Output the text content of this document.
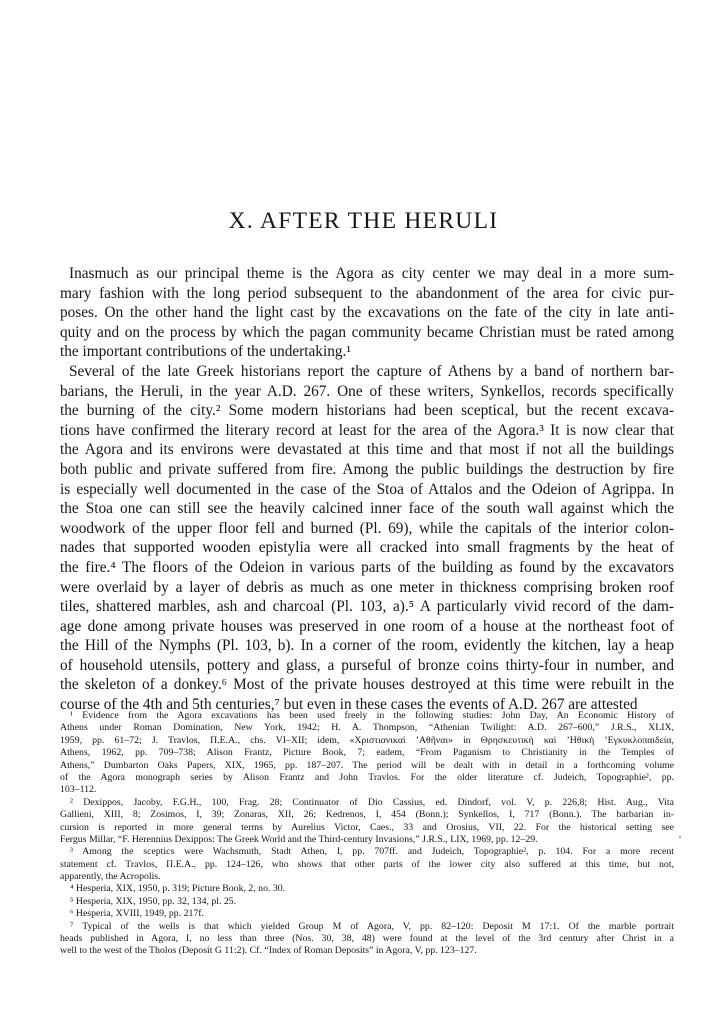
X. AFTER THE HERULI
Inasmuch as our principal theme is the Agora as city center we may deal in a more sum-
mary fashion with the long period subsequent to the abandonment of the area for civic pur-
poses. On the other hand the light cast by the excavations on the fate of the city in late anti-
quity and on the process by which the pagan community became Christian must be rated among
the important contributions of the undertaking.¹
Several of the late Greek historians report the capture of Athens by a band of northern bar-
barians, the Heruli, in the year A.D. 267. One of these writers, Synkellos, records specifically
the burning of the city.² Some modern historians had been sceptical, but the recent excava-
tions have confirmed the literary record at least for the area of the Agora.³ It is now clear that
the Agora and its environs were devastated at this time and that most if not all the buildings
both public and private suffered from fire. Among the public buildings the destruction by fire
is especially well documented in the case of the Stoa of Attalos and the Odeion of Agrippa. In
the Stoa one can still see the heavily calcined inner face of the south wall against which the
woodwork of the upper floor fell and burned (Pl. 69), while the capitals of the interior colon-
nades that supported wooden epistylia were all cracked into small fragments by the heat of
the fire.⁴ The floors of the Odeion in various parts of the building as found by the excavators
were overlaid by a layer of debris as much as one meter in thickness comprising broken roof
tiles, shattered marbles, ash and charcoal (Pl. 103, a).⁵ A particularly vivid record of the dam-
age done among private houses was preserved in one room of a house at the northeast foot of
the Hill of the Nymphs (Pl. 103, b). In a corner of the room, evidently the kitchen, lay a heap
of household utensils, pottery and glass, a purseful of bronze coins thirty-four in number, and
the skeleton of a donkey.⁶ Most of the private houses destroyed at this time were rebuilt in the
course of the 4th and 5th centuries,⁷ but even in these cases the events of A.D. 267 are attested
¹ Evidence from the Agora excavations has been used freely in the following studies: John Day, An Economic History of
Athens under Roman Domination, New York, 1942; H. A. Thompson, “Athenian Twilight: A.D. 267–600,” J.R.S., XLIX,
1959, pp. 61–72; J. Travlos, Π.Ε.Α., chs. VI–XII; idem, «Χριστιανικαὶ ’Αθῆναι» in Θρησκευτικὴ καὶ ’Ηθικὴ ’Εγκυκλοπαιδεία,
Athens, 1962, pp. 709–738; Alison Frantz, Picture Book, 7; eadem, “From Paganism to Christianity in the Temples of
Athens,” Dumbarton Oaks Papers, XIX, 1965, pp. 187–207. The period will be dealt with in detail in a forthcoming volume
of the Agora monograph series by Alison Frantz and John Travlos. For the older literature cf. Judeich, Topographie², pp.
103–112.
² Dexippos, Jacoby, F.G.H., 100, Frag. 28; Continuator of Dio Cassius, ed. Dindorf, vol. V, p. 226,8; Hist. Aug., Vita
Gallieni, XIII, 8; Zosimos, I, 39; Zonaras, XII, 26; Kedrenos, I, 454 (Bonn.); Synkellos, I, 717 (Bonn.). The barbarian in-
cursion is reported in more general terms by Aurelius Victor, Caes., 33 and Orosius, VII, 22. For the historical setting see
Fergus Millar, “F. Herennius Dexippos: The Greek World and the Third-century Invasions,” J.R.S., LIX, 1969, pp. 12–29.
³ Among the sceptics were Wachsmuth, Stadt Athen, I, pp. 707ff. and Judeich, Topographie², p. 104. For a more recent
statement cf. Travlos, Π.Ε.Α., pp. 124–126, who shows that other parts of the lower city also suffered at this time, but not,
apparently, the Acropolis.
⁴ Hesperia, XIX, 1950, p. 319; Picture Book, 2, no. 30.
⁵ Hesperia, XIX, 1950, pp. 32, 134, pl. 25.
⁶ Hesperia, XVIII, 1949, pp. 217f.
⁷ Typical of the wells is that which yielded Group M of Agora, V, pp. 82–120: Deposit M 17:1. Of the marble portrait
heads published in Agora, I, no less than three (Nos. 30, 38, 48) were found at the level of the 3rd century after Christ in a
well to the west of the Tholos (Deposit G 11:2). Cf. “Index of Roman Deposits” in Agora, V, pp. 123–127.
